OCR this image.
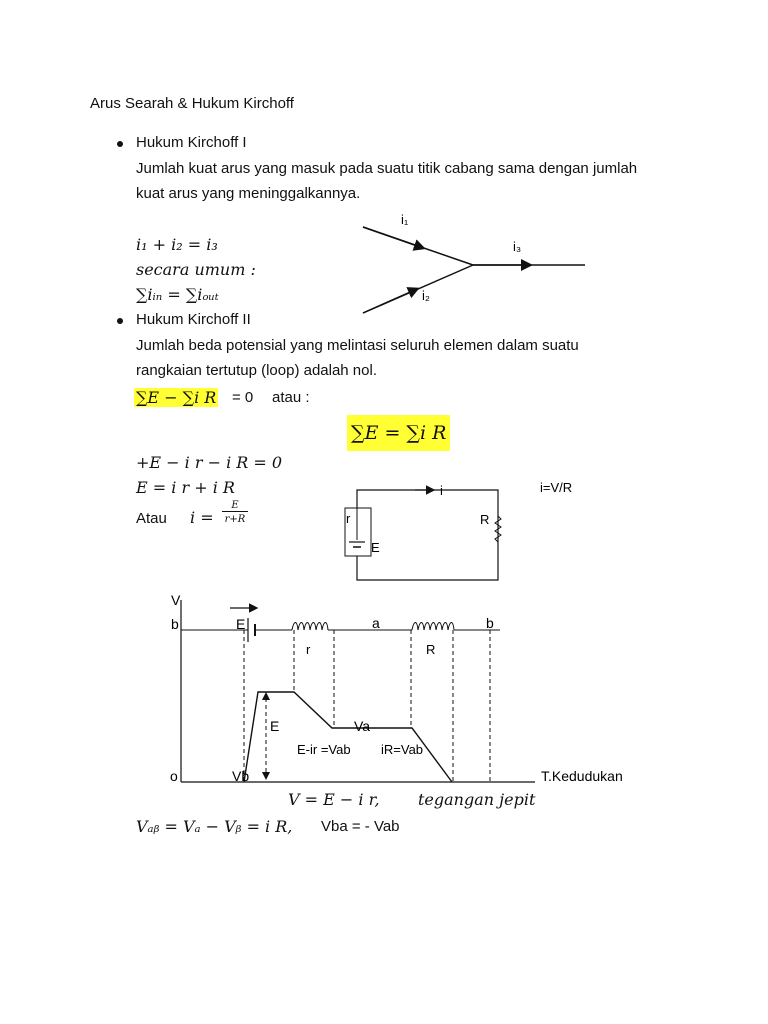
Arus Searah & Hukum Kirchoff
Hukum Kirchoff I
Jumlah kuat arus yang masuk pada suatu titik cabang sama dengan jumlah
kuat arus yang meninggalkannya.
i₁ + i₂ = i₃
secara umum :
∑iᵢₙ = ∑iₒᵤₜ
i₁
i₂
i₃
Hukum Kirchoff II
Jumlah beda potensial yang melintasi seluruh elemen dalam suatu
rangkaian tertutup (loop) adalah nol.
∑E − ∑i R = 0 atau :
∑E = ∑i R
+E − i r − i R = 0
E = i r + i R
Atau i =
E
r+R
i	i=V/R
r	R
E
V
b	E	a	b
r	R
E	Va
E-ir =Vab iR=Vab
o	Vb	T.Kedudukan
V = E − i r, tegangan jepit
Vₐᵦ = Vₐ − Vᵦ = i R, Vba = - Vab
